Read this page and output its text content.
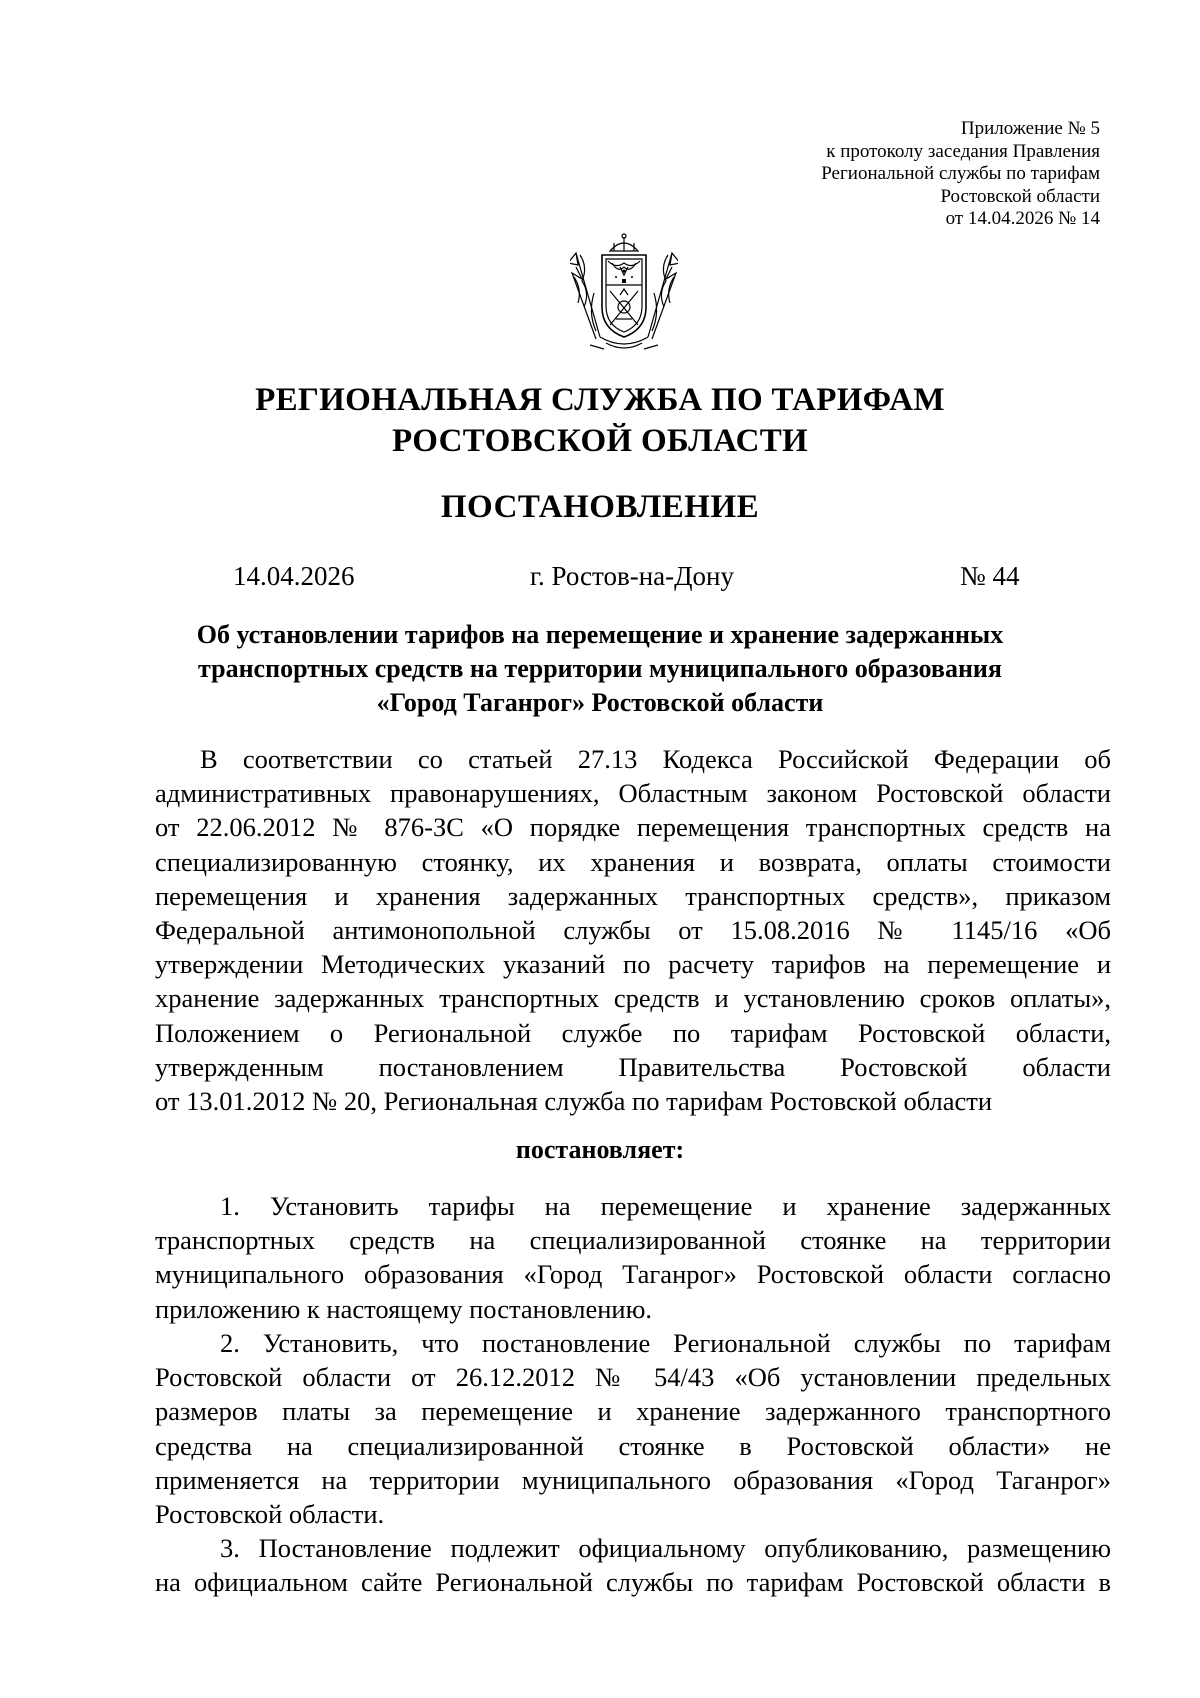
Приложение № 5
к протоколу заседания Правления
Региональной службы по тарифам
Ростовской области
от 14.04.2026 № 14
РЕГИОНАЛЬНАЯ СЛУЖБА ПО ТАРИФАМ
РОСТОВСКОЙ ОБЛАСТИ
ПОСТАНОВЛЕНИЕ
14.04.2026	г. Ростов-на-Дону	№ 44
Об установлении тарифов на перемещение и хранение задержанных
транспортных средств на территории муниципального образования
«Город Таганрог» Ростовской области
В соответствии со статьей 27.13 Кодекса Российской Федерации об
административных правонарушениях, Областным законом Ростовской области
от 22.06.2012 № 876-ЗС «О порядке перемещения транспортных средств на
специализированную стоянку, их хранения и возврата, оплаты стоимости
перемещения и хранения задержанных транспортных средств», приказом
Федеральной антимонопольной службы от 15.08.2016 № 1145/16 «Об
утверждении Методических указаний по расчету тарифов на перемещение и
хранение задержанных транспортных средств и установлению сроков оплаты»,
Положением о Региональной службе по тарифам Ростовской области,
утвержденным постановлением Правительства Ростовской области
от 13.01.2012 № 20, Региональная служба по тарифам Ростовской области
постановляет:
1. Установить тарифы на перемещение и хранение задержанных
транспортных средств на специализированной стоянке на территории
муниципального образования «Город Таганрог» Ростовской области согласно
приложению к настоящему постановлению.
2. Установить, что постановление Региональной службы по тарифам
Ростовской области от 26.12.2012 № 54/43 «Об установлении предельных
размеров платы за перемещение и хранение задержанного транспортного
средства на специализированной стоянке в Ростовской области» не
применяется на территории муниципального образования «Город Таганрог»
Ростовской области.
3. Постановление подлежит официальному опубликованию, размещению
на официальном сайте Региональной службы по тарифам Ростовской области в
